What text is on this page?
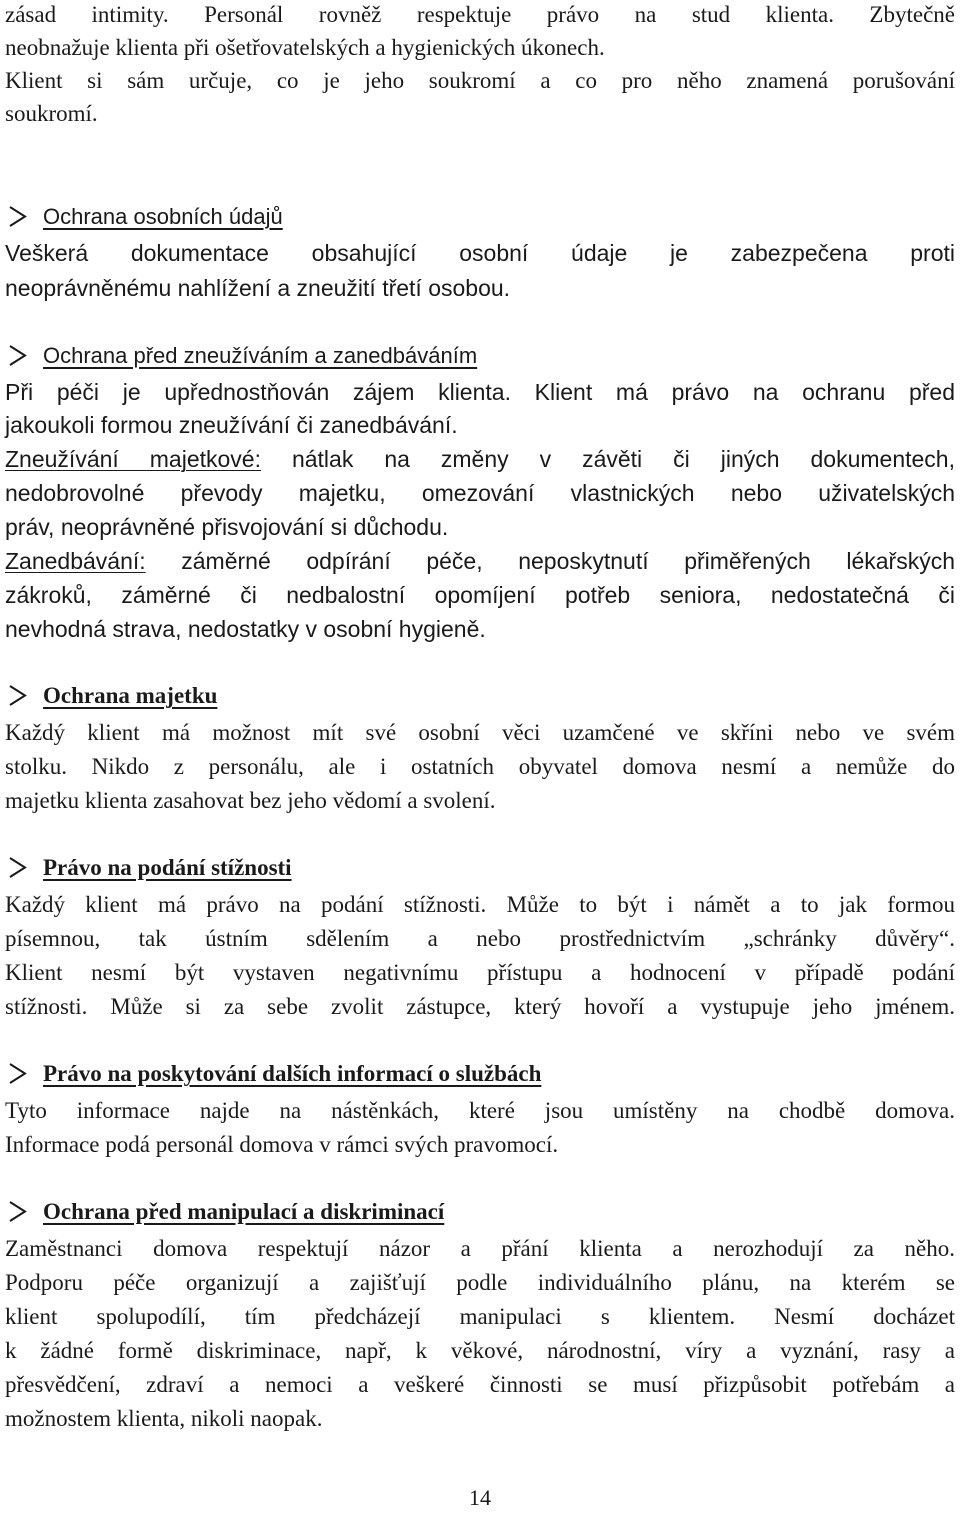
zásad intimity. Personál rovněž respektuje právo na stud klienta. Zbytečně
neobnažuje klienta při ošetřovatelských a hygienických úkonech.
Klient si sám určuje, co je jeho soukromí a co pro něho znamená porušování
soukromí.
Ochrana osobních údajů
Veškerá dokumentace obsahující osobní údaje je zabezpečena proti
neoprávněnému nahlížení a zneužití třetí osobou.
Ochrana před zneužíváním a zanedbáváním
Při péči je upřednostňován zájem klienta. Klient má právo na ochranu před
jakoukoli formou zneužívání či zanedbávání.
Zneužívání majetkové: nátlak na změny v závěti či jiných dokumentech,
nedobrovolné převody majetku, omezování vlastnických nebo uživatelských
práv, neoprávněné přisvojování si důchodu.
Zanedbávání: záměrné odpírání péče, neposkytnutí přiměřených lékařských
zákroků, záměrné či nedbalostní opomíjení potřeb seniora, nedostatečná či
nevhodná strava, nedostatky v osobní hygieně.
Ochrana majetku
Každý klient má možnost mít své osobní věci uzamčené ve skříni nebo ve svém
stolku. Nikdo z personálu, ale i ostatních obyvatel domova nesmí a nemůže do
majetku klienta zasahovat bez jeho vědomí a svolení.
Právo na podání stížnosti
Každý klient má právo na podání stížnosti. Může to být i námět a to jak formou
písemnou, tak ústním sdělením a nebo prostřednictvím „schránky důvěry“.
Klient nesmí být vystaven negativnímu přístupu a hodnocení v případě podání
stížnosti. Může si za sebe zvolit zástupce, který hovoří a vystupuje jeho jménem.
Právo na poskytování dalších informací o službách
Tyto informace najde na nástěnkách, které jsou umístěny na chodbě domova.
Informace podá personál domova v rámci svých pravomocí.
Ochrana před manipulací a diskriminací
Zaměstnanci domova respektují názor a přání klienta a nerozhodují za něho.
Podporu péče organizují a zajišťují podle individuálního plánu, na kterém se
klient spolupodílí, tím předcházejí manipulaci s klientem. Nesmí docházet
k žádné formě diskriminace, např, k věkové, národnostní, víry a vyznání, rasy a
přesvědčení, zdraví a nemoci a veškeré činnosti se musí přizpůsobit potřebám a
možnostem klienta, nikoli naopak.
14
